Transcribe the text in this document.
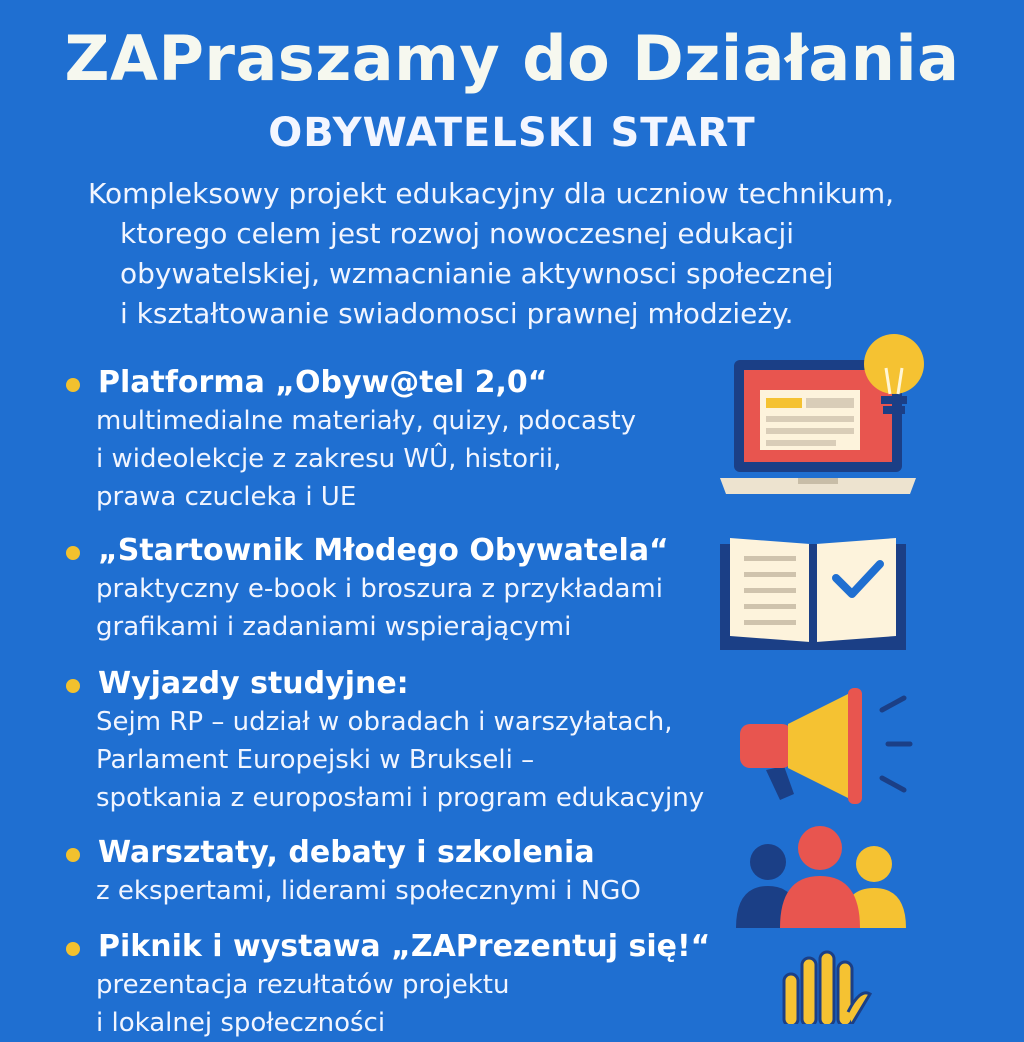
ZAPraszamy do Działania
OBYWATELSKI START
Kompleksowy projekt edukacyjny dla uczniow technikum,
ktorego celem jest rozwoj nowoczesnej edukacji
obywatelskiej, wzmacnianie aktywnosci społecznej
i kształtowanie swiadomosci prawnej młodzieży.
Platforma „Obyw@tel 2,0“
multimedialne materiały, quizy, pdocasty
i wideolekcje z zakresu WÛ, historii,
prawa czucleka i UE
„Startownik Młodego Obywatela“
praktyczny e-book i broszura z przykładami
grafikami i zadaniami wspierającymi
Wyjazdy studyjne:
Sejm RP – udział w obradach i warszyłatach,
Parlament Europejski w Brukseli –
spotkania z europosłami i program edukacyjny
Warsztaty, debaty i szkolenia
z ekspertami, liderami społecznymi i NGO
Piknik i wystawa „ZAPrezentuj się!“
prezentacja rezułtatów projektu
i lokalnej społeczności
